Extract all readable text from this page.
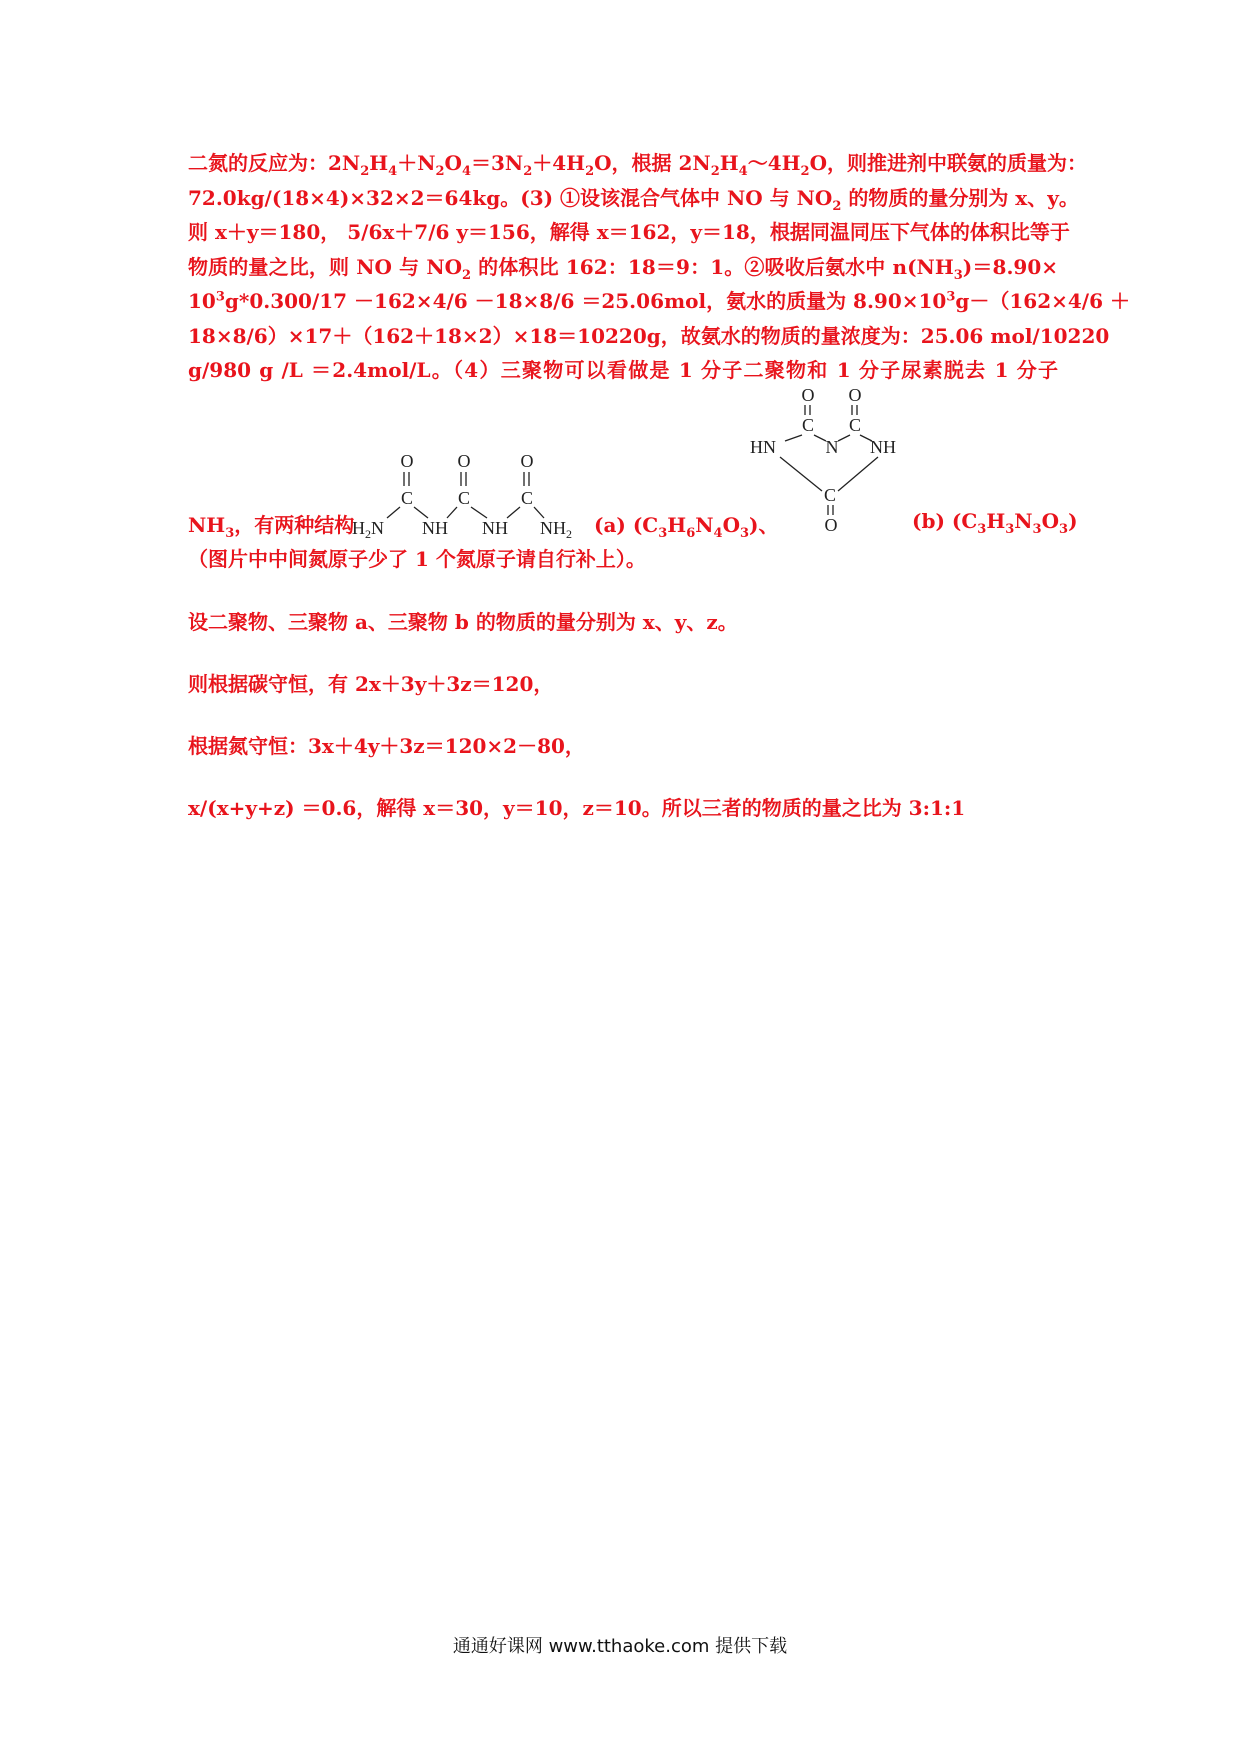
二氮的反应为：$2N_2H_4+N_2O_4=3N_2+4H_2O$，根据 $2N_2H_4\sim 4H_2O$，则推进剂中联氨的质量为：
72.0kg/(18×4)×32×2＝64kg。(3) ①设该混合气体中 NO 与 $NO_2$ 的物质的量分别为 x、y。
则 x＋y＝180， 5/6x＋7/6 y＝156，解得 x＝162，y＝18，根据同温同压下气体的体积比等于
物质的量之比，则 NO 与 $NO_2$ 的体积比 162：18＝9：1。②吸收后氨水中 $n(NH_3)=8.90\times$
$10^3g*0.300/17 -162\times 4/6 -18\times 8/6 =25.06mol$，氨水的质量为 $8.90\times 10^3g-(162\times 4/6$ ＋
18×8/6）×17＋（162＋18×2）×18＝10220g，故氨水的物质的量浓度为：25.06 mol/10220
g/980 g /L ＝2.4mol/L。（4）三聚物可以看做是 1 分子二聚物和 1 分子尿素脱去 1 分子
O O	O
C C	C
$H_2N$ NH NH $NH_2$
O O
C C
N
HN	NH
C
O
$NH_3$，有两种结构	(a) $(C_3H_6N_4O_3)$、	(b) $(C_3H_3N_3O_3)$
（图片中中间氮原子少了 1 个氮原子请自行补上）。
设二聚物、三聚物 a、三聚物 b 的物质的量分别为 x、y、z。
则根据碳守恒，有 2x＋3y＋3z＝120，
根据氮守恒：3x＋4y＋3z＝120×2－80，
x/(x+y+z) ＝0.6，解得 x＝30，y＝10，z＝10。所以三者的物质的量之比为 3:1:1
通通好课网 www.tthaoke.com 提供下载
